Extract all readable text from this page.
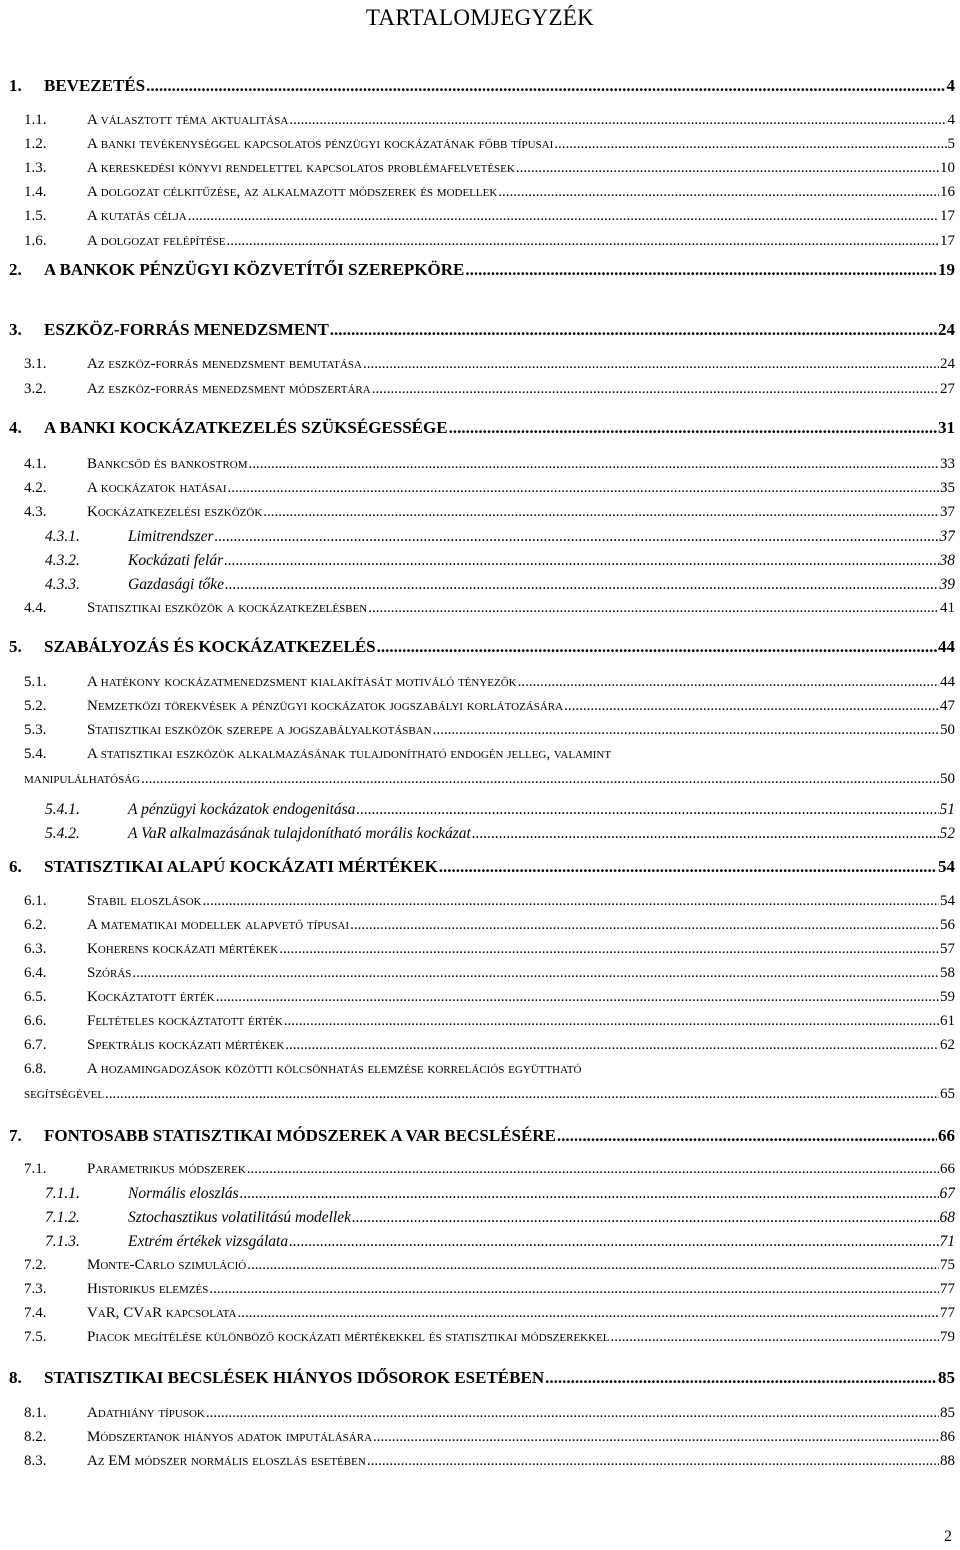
TARTALOMJEGYZÉK
1.	BEVEZETÉS .....	4
1.1.	A választott téma aktualitása .....	4
1.2.	A banki tevékenységgel kapcsolatos pénzügyi kockázatának főbb típusai .....	5
1.3.	A kereskedési könyvi rendelettel kapcsolatos problémafelvetések .....	10
1.4.	A dolgozat célkitűzése, az alkalmazott módszerek és modellek .....	16
1.5.	A kutatás célja .....	17
1.6.	A dolgozat felépítése .....	17
2.	A BANKOK PÉNZÜGYI KÖZVETÍTŐI SZEREPKÖRE .....	19
3.	ESZKÖZ-FORRÁS MENEDZSMENT .....	24
3.1.	Az eszköz-forrás menedzsment bemutatása .....	24
3.2.	Az eszköz-forrás menedzsment módszertára .....	27
4.	A BANKI KOCKÁZATKEZELÉS SZÜKSÉGESSÉGE .....	31
4.1.	Bankcsőd és bankostrom .....	33
4.2.	A kockázatok hatásai .....	35
4.3.	Kockázatkezelési eszközök .....	37
4.3.1.	Limitrendszer .....	37
4.3.2.	Kockázati felár .....	38
4.3.3.	Gazdasági tőke .....	39
4.4.	Statisztikai eszközök a kockázatkezelésben .....	41
5.	SZABÁLYOZÁS ÉS KOCKÁZATKEZELÉS .....	44
5.1.	A hatékony kockázatmenedzsment kialakítását motiváló tényezők .....	44
5.2.	Nemzetközi törekvések a pénzügyi kockázatok jogszabályi korlátozására .....	47
5.3.	Statisztikai eszközök szerepe a jogszabályalkotásban .....	50
5.4.	A statisztikai eszközök alkalmazásának tulajdonítható endogén jelleg, valamint
manipulálhatóság .....	50
5.4.1.	A pénzügyi kockázatok endogenitása .....	51
5.4.2.	A VaR alkalmazásának tulajdonítható morális kockázat .....	52
6.	STATISZTIKAI ALAPÚ KOCKÁZATI MÉRTÉKEK .....	54
6.1.	Stabil eloszlások .....	54
6.2.	A matematikai modellek alapvető típusai .....	56
6.3.	Koherens kockázati mértékek .....	57
6.4.	Szórás .....	58
6.5.	Kockáztatott érték .....	59
6.6.	Feltételes kockáztatott érték .....	61
6.7.	Spektrális kockázati mértékek .....	62
6.8.	A hozamingadozások közötti kölcsönhatás elemzése korrelációs együttható
segítségével .....	65
7.	FONTOSABB STATISZTIKAI MÓDSZEREK A VAR BECSLÉSÉRE .....	66
7.1.	Parametrikus módszerek .....	66
7.1.1.	Normális eloszlás .....	67
7.1.2.	Sztochasztikus volatilitású modellek .....	68
7.1.3.	Extrém értékek vizsgálata .....	71
7.2.	Monte-Carlo szimuláció .....	75
7.3.	Historikus elemzés .....	77
7.4.	VaR, CVaR kapcsolata .....	77
7.5.	Piacok megítélése különböző kockázati mértékekkel és statisztikai módszerekkel .....	79
8.	STATISZTIKAI BECSLÉSEK HIÁNYOS IDŐSOROK ESETÉBEN .....	85
8.1.	Adathiány típusok .....	85
8.2.	Módszertanok hiányos adatok imputálására .....	86
8.3.	Az EM módszer normális eloszlás esetében .....	88
2
